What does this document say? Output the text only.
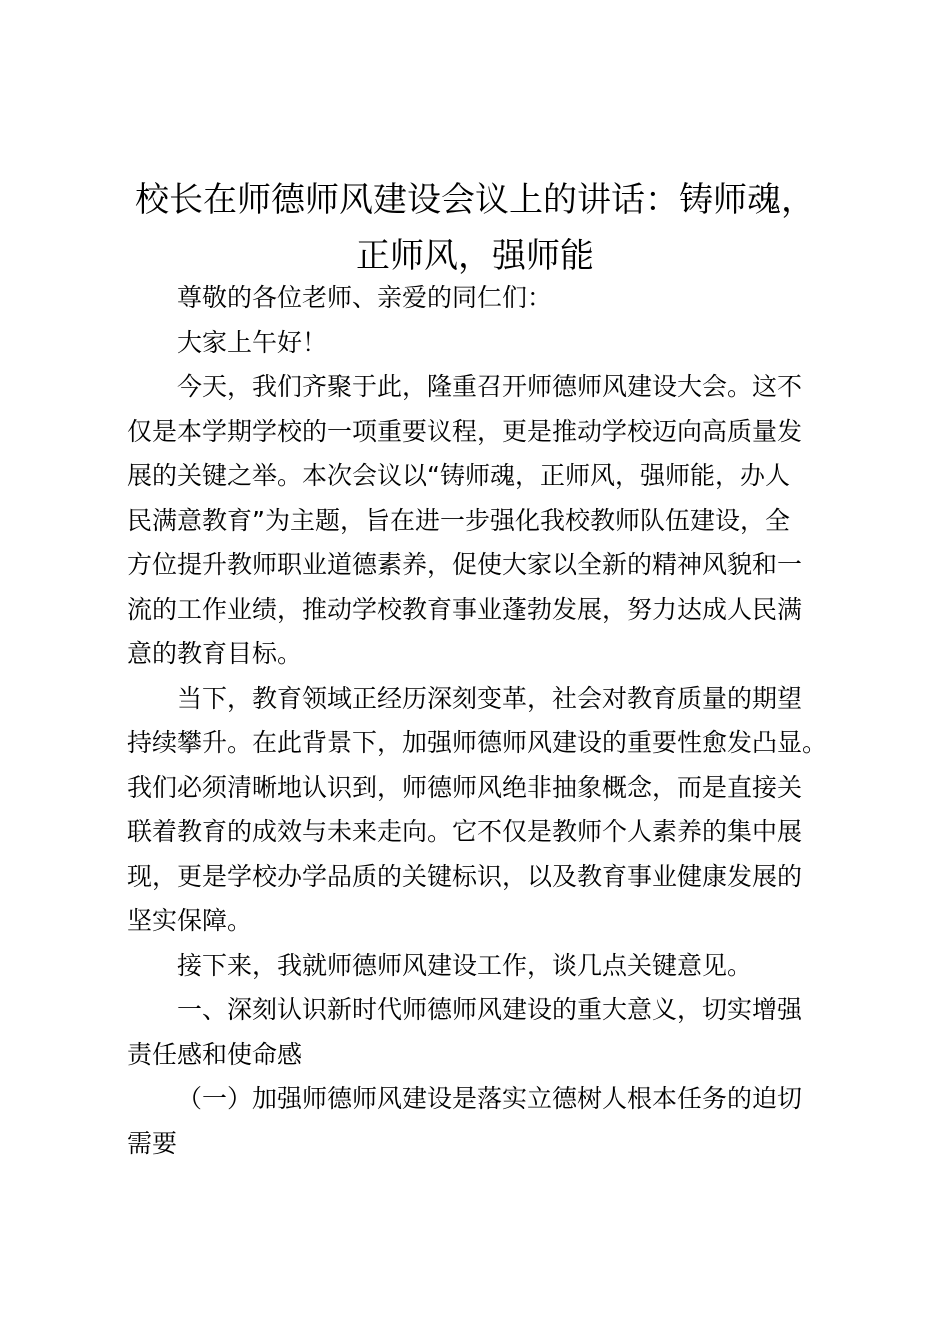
校长在师德师风建设会议上的讲话：铸师魂，
正师风，强师能
尊敬的各位老师、亲爱的同仁们：
大家上午好！
今天，我们齐聚于此，隆重召开师德师风建设大会。这不
仅是本学期学校的一项重要议程，更是推动学校迈向高质量发
展的关键之举。本次会议以“铸师魂，正师风，强师能，办人
民满意教育”为主题，旨在进一步强化我校教师队伍建设，全
方位提升教师职业道德素养，促使大家以全新的精神风貌和一
流的工作业绩，推动学校教育事业蓬勃发展，努力达成人民满
意的教育目标。
当下，教育领域正经历深刻变革，社会对教育质量的期望
持续攀升。在此背景下，加强师德师风建设的重要性愈发凸显。
我们必须清晰地认识到，师德师风绝非抽象概念，而是直接关
联着教育的成效与未来走向。它不仅是教师个人素养的集中展
现，更是学校办学品质的关键标识，以及教育事业健康发展的
坚实保障。
接下来，我就师德师风建设工作，谈几点关键意见。
一、深刻认识新时代师德师风建设的重大意义，切实增强
责任感和使命感
（一）加强师德师风建设是落实立德树人根本任务的迫切
需要
